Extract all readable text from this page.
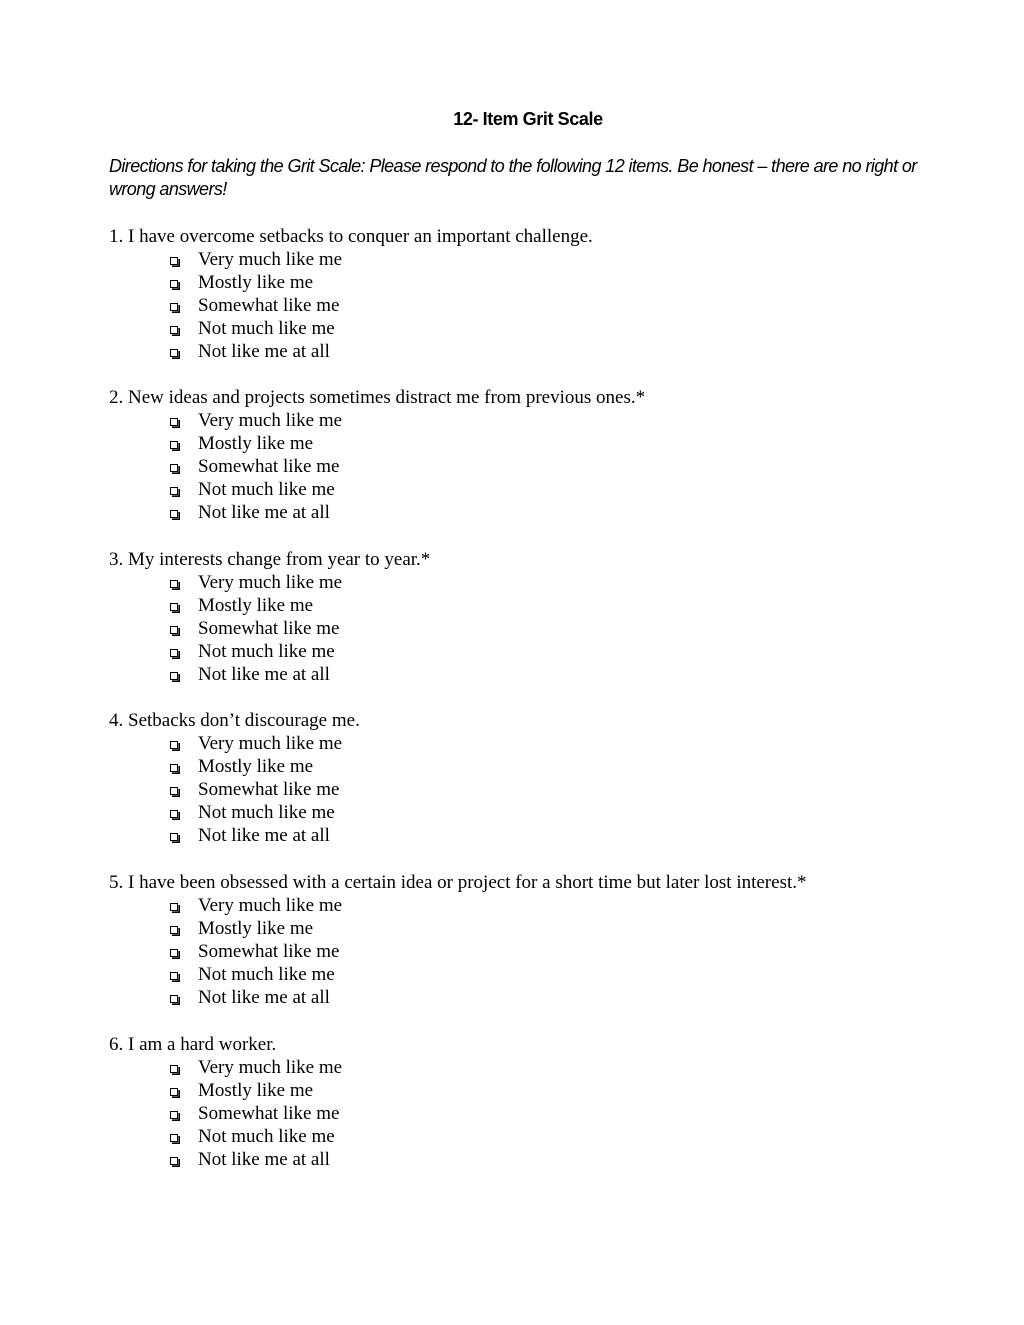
12- Item Grit Scale

Directions for taking the Grit Scale: Please respond to the following 12 items. Be honest – there are no right or wrong answers!

1. I have overcome setbacks to conquer an important challenge.

Very much like me
Mostly like me
Somewhat like me
Not much like me
Not like me at all

2. New ideas and projects sometimes distract me from previous ones.*

Very much like me
Mostly like me
Somewhat like me
Not much like me
Not like me at all

3. My interests change from year to year.*

Very much like me
Mostly like me
Somewhat like me
Not much like me
Not like me at all

4. Setbacks don’t discourage me.

Very much like me
Mostly like me
Somewhat like me
Not much like me
Not like me at all

5. I have been obsessed with a certain idea or project for a short time but later lost interest.*

Very much like me
Mostly like me
Somewhat like me
Not much like me
Not like me at all

6. I am a hard worker.

Very much like me
Mostly like me
Somewhat like me
Not much like me
Not like me at all
